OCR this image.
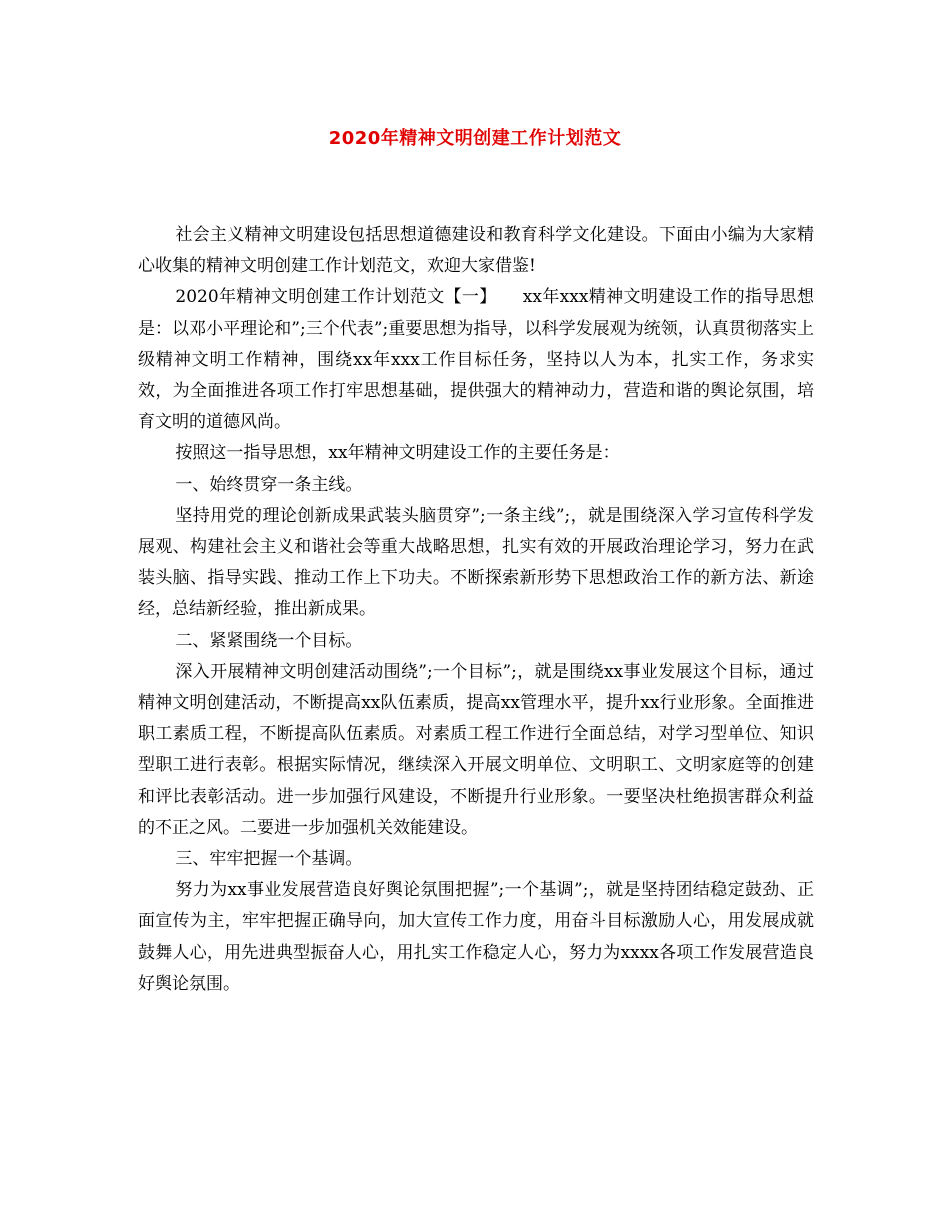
2020年精神文明创建工作计划范文

社会主义精神文明建设包括思想道德建设和教育科学文化建设。下面由小编为大家精心收集的精神文明创建工作计划范文，欢迎大家借鉴!

2020年精神文明创建工作计划范文【一】　　xx年xxx精神文明建设工作的指导思想是：以邓小平理论和”;三个代表”;重要思想为指导，以科学发展观为统领，认真贯彻落实上级精神文明工作精神，围绕xx年xxx工作目标任务，坚持以人为本，扎实工作，务求实效，为全面推进各项工作打牢思想基础，提供强大的精神动力，营造和谐的舆论氛围，培育文明的道德风尚。

按照这一指导思想，xx年精神文明建设工作的主要任务是：

一、始终贯穿一条主线。

坚持用党的理论创新成果武装头脑贯穿”;一条主线”;，就是围绕深入学习宣传科学发展观、构建社会主义和谐社会等重大战略思想，扎实有效的开展政治理论学习，努力在武装头脑、指导实践、推动工作上下功夫。不断探索新形势下思想政治工作的新方法、新途经，总结新经验，推出新成果。

二、紧紧围绕一个目标。

深入开展精神文明创建活动围绕”;一个目标”;，就是围绕xx事业发展这个目标，通过精神文明创建活动，不断提高xx队伍素质，提高xx管理水平，提升xx行业形象。全面推进职工素质工程，不断提高队伍素质。对素质工程工作进行全面总结，对学习型单位、知识型职工进行表彰。根据实际情况，继续深入开展文明单位、文明职工、文明家庭等的创建和评比表彰活动。进一步加强行风建设，不断提升行业形象。一要坚决杜绝损害群众利益的不正之风。二要进一步加强机关效能建设。

三、牢牢把握一个基调。

努力为xx事业发展营造良好舆论氛围把握”;一个基调”;，就是坚持团结稳定鼓劲、正面宣传为主，牢牢把握正确导向，加大宣传工作力度，用奋斗目标激励人心，用发展成就鼓舞人心，用先进典型振奋人心，用扎实工作稳定人心，努力为xxxx各项工作发展营造良好舆论氛围。
